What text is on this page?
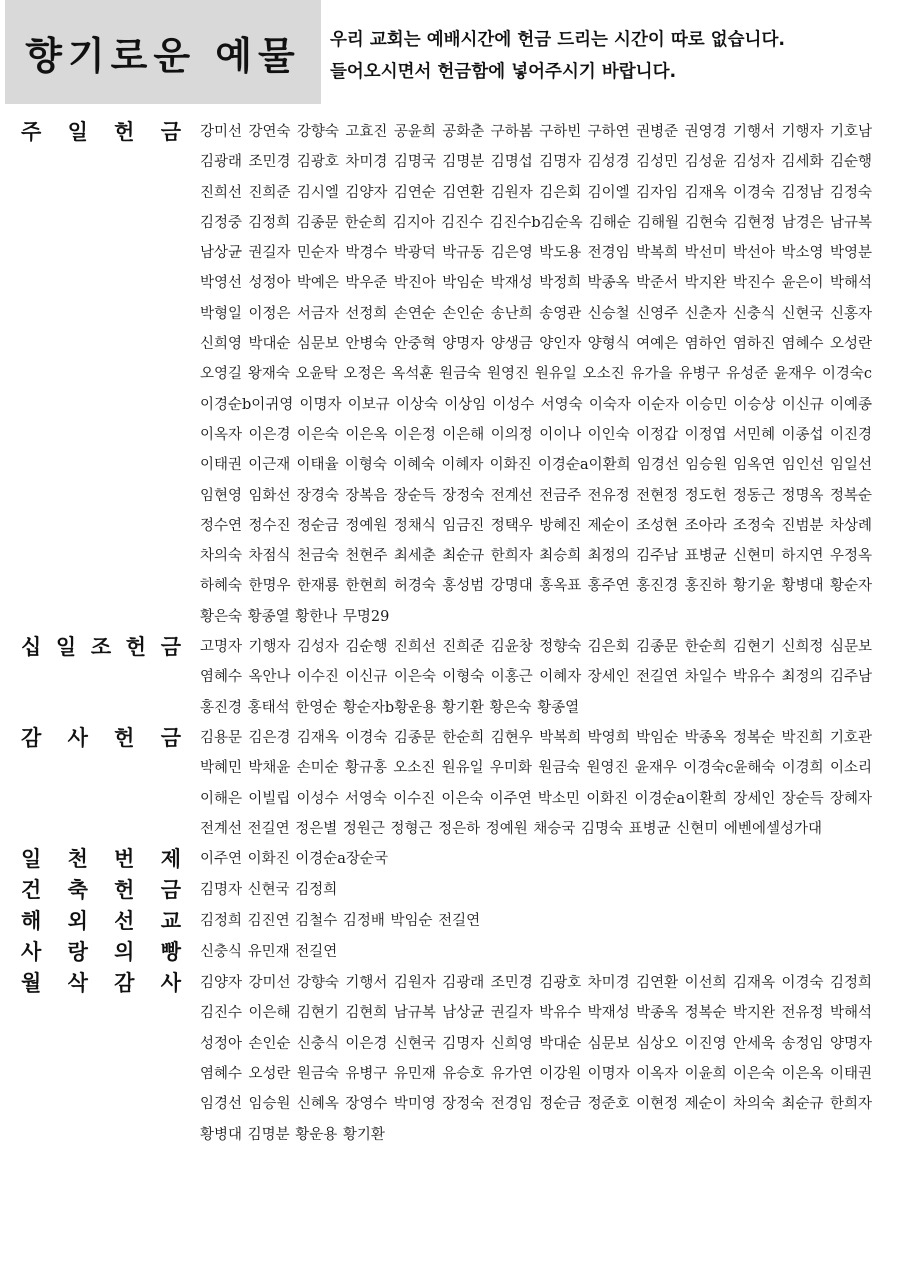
향기로운 예물 우리 교회는 예배시간에 헌금 드리는 시간이 따로 없습니다.
들어오시면서 헌금함에 넣어주시기 바랍니다.
주 일 헌 금 강미선 강연숙 강향숙 고효진 공윤희 공화춘 구하봄 구하빈 구하연 권병준 권영경 기행서 기행자 기호남 김광래 조민경 김광호 차미경 김명국 김명분 김명섭 김명자 김성경 김성민 김성윤 김성자 김세화 김순행 진희선 진희준 김시엘 김양자 김연순 김연환 김원자 김은회 김이엘 김자임 김재옥 이경숙 김정남 김정숙 김정중 김정희 김종문 한순희 김지아 김진수 김진수b김순옥 김해순 김해월 김현숙 김현정 남경은 남규복 남상균 권길자 민순자 박경수 박광덕 박규동 김은영 박도용 전경임 박복희 박선미 박선아 박소영 박영분 박영선 성정아 박예은 박우준 박진아 박임순 박재성 박정희 박종옥 박준서 박지완 박진수 윤은이 박해석 박형일 이정은 서금자 선정희 손연순 손인순 송난희 송영관 신승철 신영주 신춘자 신충식 신현국 신홍자 신희영 박대순 심문보 안병숙 안중혁 양명자 양생금 양인자 양형식 여예은 염하언 염하진 염혜수 오성란 오영길 왕재숙 오윤탁 오정은 옥석훈 원금숙 원영진 원유일 오소진 유가을 유병구 유성준 윤재우 이경숙c이경순b이귀영 이명자 이보규 이상숙 이상임 이성수 서영숙 이숙자 이순자 이승민 이승상 이신규 이예종 이옥자 이은경 이은숙 이은옥 이은정 이은해 이의정 이이나 이인숙 이정갑 이정엽 서민혜 이종섭 이진경 이태권 이근재 이태율 이형숙 이혜숙 이혜자 이화진 이경순a이환희 임경선 임승원 임옥연 임인선 임일선 임현영 임화선 장경숙 장복음 장순득 장정숙 전계선 전금주 전유정 전현정 정도헌 정동근 정명옥 정복순 정수연 정수진 정순금 정예원 정채식 임금진 정택우 방혜진 제순이 조성현 조아라 조정숙 진범분 차상례 차의숙 차점식 천금숙 천현주 최세춘 최순규 한희자 최승희 최정의 김주남 표병균 신현미 하지연 우정옥 하혜숙 한명우 한재룡 한현희 허경숙 홍성범 강명대 홍옥표 홍주연 홍진경 홍진하 황기윤 황병대 황순자 황은숙 황종열 황한나 무명29
십 일 조 헌 금 고명자 기행자 김성자 김순행 진희선 진희준 김윤창 정향숙 김은회 김종문 한순희 김현기 신희정 심문보 염혜수 옥안나 이수진 이신규 이은숙 이형숙 이홍근 이혜자 장세인 전길연 차일수 박유수 최정의 김주남 홍진경 홍태석 한영순 황순자b황운용 황기환 황은숙 황종열
감 사 헌 금 김용문 김은경 김재옥 이경숙 김종문 한순희 김현우 박복희 박영희 박임순 박종옥 정복순 박진희 기호관 박혜민 박채윤 손미순 황규홍 오소진 원유일 우미화 원금숙 원영진 윤재우 이경숙c윤해숙 이경희 이소리 이해은 이빌립 이성수 서영숙 이수진 이은숙 이주연 박소민 이화진 이경순a이환희 장세인 장순득 장혜자 전계선 전길연 정은별 정원근 정형근 정은하 정예원 채승국 김명숙 표병균 신현미 에벤에셀성가대
일 천 번 제 이주연 이화진 이경순a장순국
건 축 헌 금 김명자 신현국 김정희
해 외 선 교 김정희 김진연 김철수 김정배 박임순 전길연
사 랑 의 빵 신충식 유민재 전길연
월 삭 감 사 김양자 강미선 강향숙 기행서 김원자 김광래 조민경 김광호 차미경 김연환 이선희 김재옥 이경숙 김정희 김진수 이은해 김현기 김현희 남규복 남상균 권길자 박유수 박재성 박종옥 정복순 박지완 전유정 박해석 성정아 손인순 신충식 이은경 신현국 김명자 신희영 박대순 심문보 심상오 이진영 안세욱 송정임 양명자 염혜수 오성란 원금숙 유병구 유민재 유승호 유가연 이강원 이명자 이옥자 이윤희 이은숙 이은옥 이태권 임경선 임승원 신혜옥 장영수 박미영 장정숙 전경임 정순금 정준호 이현정 제순이 차의숙 최순규 한희자 황병대 김명분 황운용 황기환
